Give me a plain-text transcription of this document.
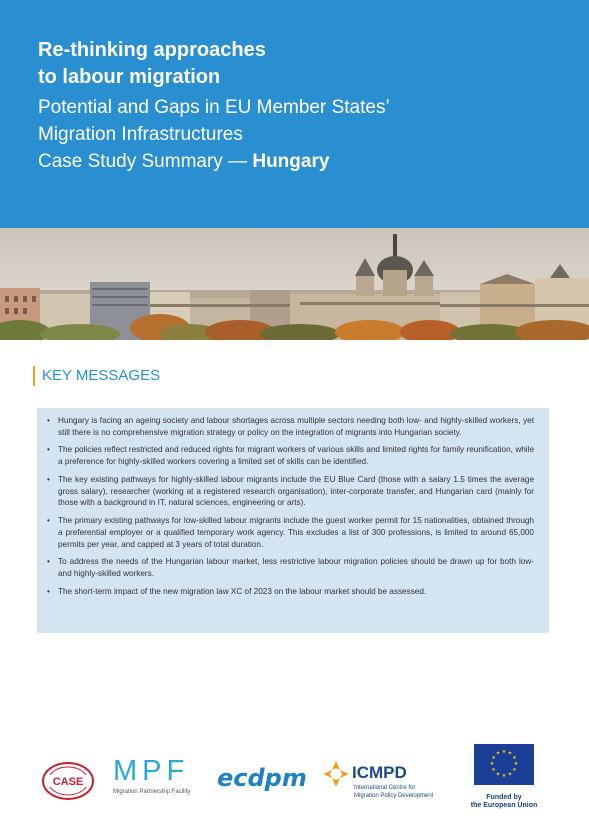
Re-thinking approaches
to labour migration
Potential and Gaps in EU Member States’
Migration Infrastructures
Case Study Summary — Hungary
KEY MESSAGES
• Hungary is facing an ageing society and labour shortages across multiple sectors needing both low- and highly-skilled workers, yet still there is no comprehensive migration strategy or policy on the integration of migrants into Hungarian society.
• The policies reflect restricted and reduced rights for migrant workers of various skills and limited rights for family reunification, while a preference for highly-skilled workers covering a limited set of skills can be identified.
• The key existing pathways for highly-skilled labour migrants include the EU Blue Card (those with a salary 1.5 times the average gross salary), researcher (working at a registered research organisation), inter-corporate transfer, and Hungarian card (mainly for those with a background in IT, natural sciences, engineering or arts).
• The primary existing pathways for low-skilled labour migrants include the guest worker permit for 15 nationalities, obtained through a preferential employer or a qualified temporary work agency. This excludes a list of 300 professions, is limited to around 65,000 permits per year, and capped at 3 years of total duration.
• To address the needs of the Hungarian labour market, less restrictive labour migration policies should be drawn up for both low- and highly-skilled workers.
• The short-term impact of the new migration law XC of 2023 on the labour market should be assessed.
CASE MPF
Migration Partnership Facility ecdpm	ICMPD
International Centre for
Migration Policy Development
★ ★
★
★
★
★
★
★
★
★
★
★
Funded by
the European Union
